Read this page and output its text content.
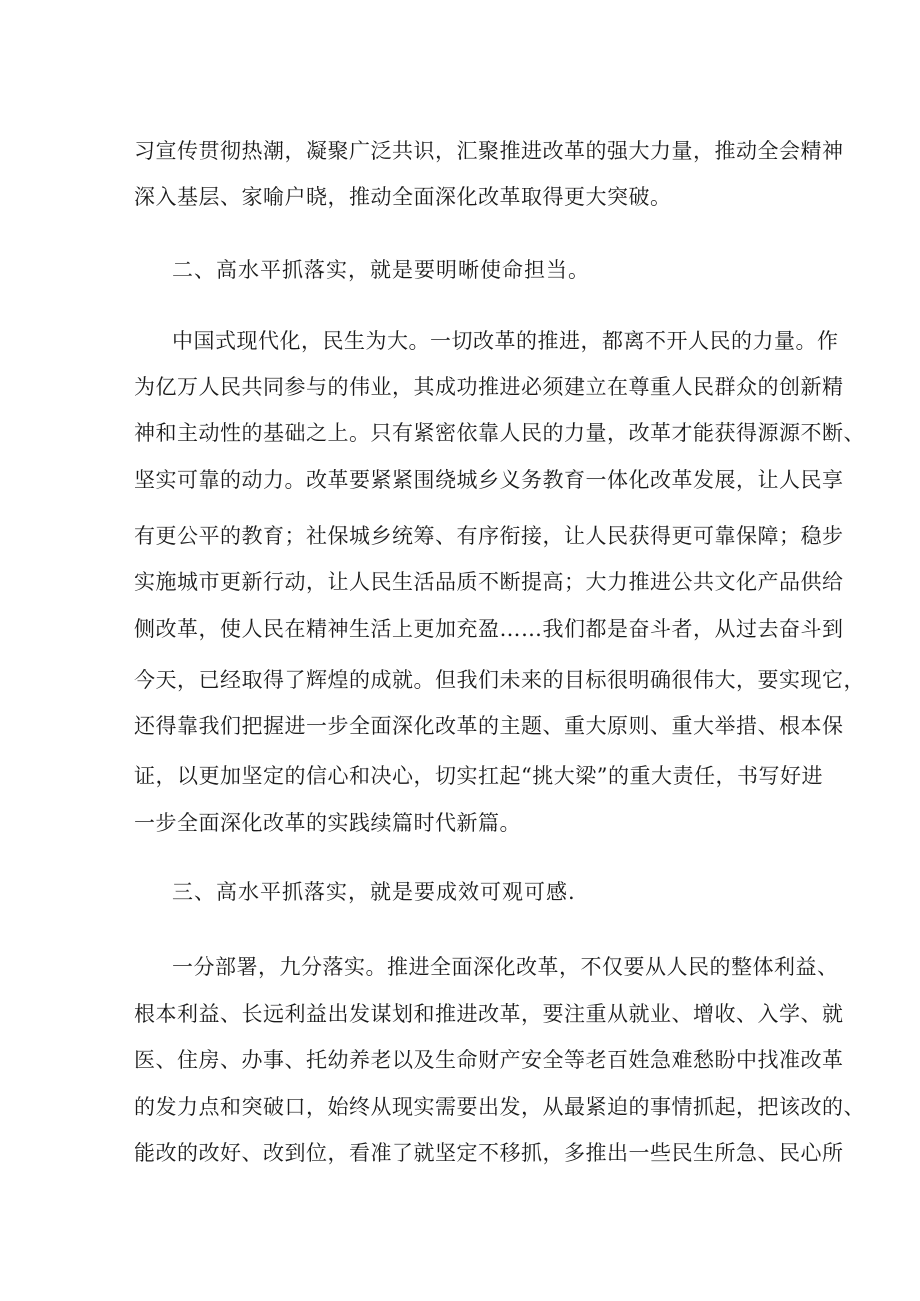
习宣传贯彻热潮，凝聚广泛共识，汇聚推进改革的强大力量，推动全会精神
深入基层、家喻户晓，推动全面深化改革取得更大突破。
二、高水平抓落实，就是要明晰使命担当。
中国式现代化，民生为大。一切改革的推进，都离不开人民的力量。作
为亿万人民共同参与的伟业，其成功推进必须建立在尊重人民群众的创新精
神和主动性的基础之上。只有紧密依靠人民的力量，改革才能获得源源不断、
坚实可靠的动力。改革要紧紧围绕城乡义务教育一体化改革发展，让人民享
有更公平的教育；社保城乡统筹、有序衔接，让人民获得更可靠保障；稳步
实施城市更新行动，让人民生活品质不断提高；大力推进公共文化产品供给
侧改革，使人民在精神生活上更加充盈……我们都是奋斗者，从过去奋斗到
今天，已经取得了辉煌的成就。但我们未来的目标很明确很伟大，要实现它，
还得靠我们把握进一步全面深化改革的主题、重大原则、重大举措、根本保
证，以更加坚定的信心和决心，切实扛起“挑大梁”的重大责任，书写好进
一步全面深化改革的实践续篇时代新篇。
三、高水平抓落实，就是要成效可观可感.
一分部署，九分落实。推进全面深化改革，不仅要从人民的整体利益、
根本利益、长远利益出发谋划和推进改革，要注重从就业、增收、入学、就
医、住房、办事、托幼养老以及生命财产安全等老百姓急难愁盼中找准改革
的发力点和突破口，始终从现实需要出发，从最紧迫的事情抓起，把该改的、
能改的改好、改到位，看准了就坚定不移抓，多推出一些民生所急、民心所
